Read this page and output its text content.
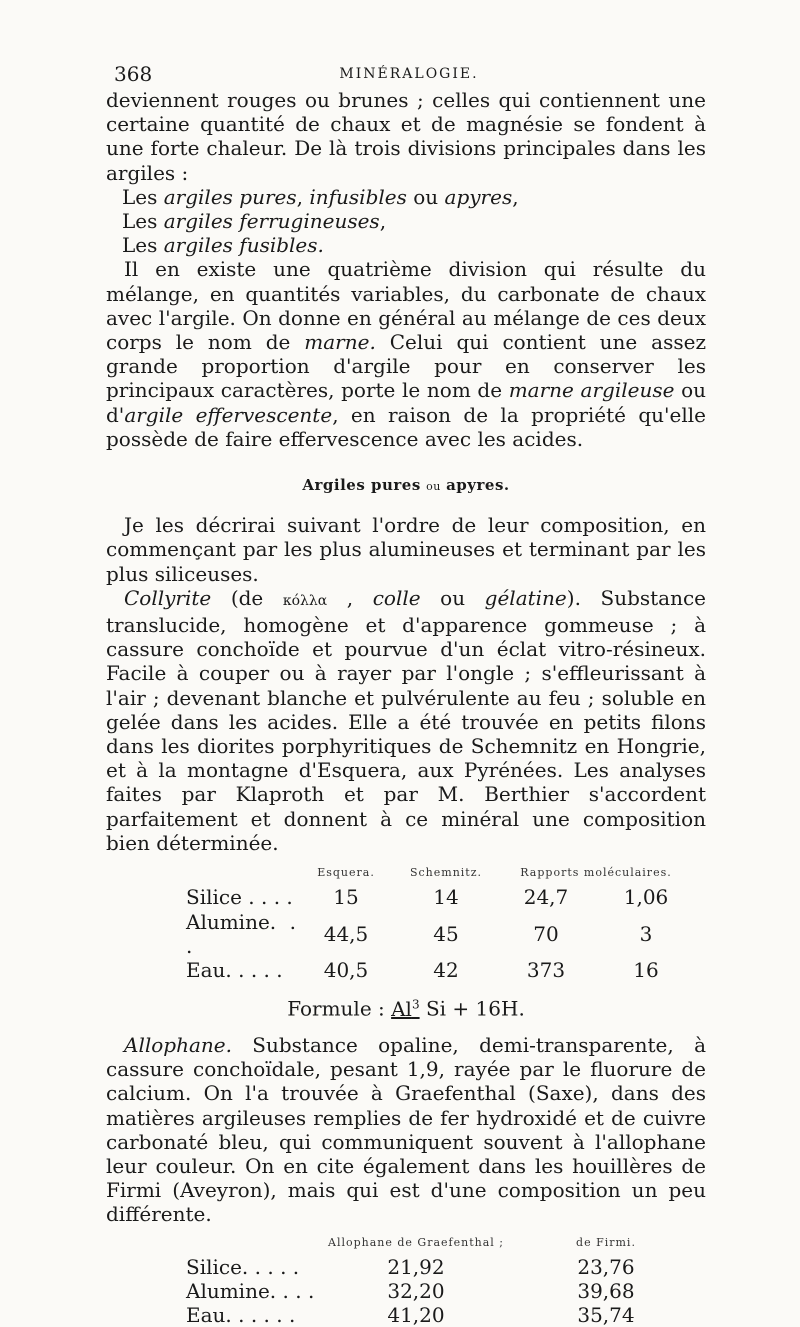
368	MINÉRALOGIE.

deviennent rouges ou brunes ; celles qui contiennent une certaine quantité de chaux et de magnésie se fondent à une forte chaleur. De là trois divisions principales dans les argiles :

Les argiles pures, infusibles ou apyres,

Les argiles ferrugineuses,

Les argiles fusibles.

Il en existe une quatrième division qui résulte du mélange, en quantités variables, du carbonate de chaux avec l'argile. On donne en général au mélange de ces deux corps le nom de marne. Celui qui contient une assez grande proportion d'argile pour en conserver les principaux caractères, porte le nom de marne argileuse ou d'argile effervescente, en raison de la propriété qu'elle possède de faire effervescence avec les acides.

Argiles pures ou apyres.

Je les décrirai suivant l'ordre de leur composition, en commençant par les plus alumineuses et terminant par les plus siliceuses.

Collyrite (de κόλλα , colle ou gélatine). Substance translucide, homogène et d'apparence gommeuse ; à cassure conchoïde et pourvue d'un éclat vitro-résineux. Facile à couper ou à rayer par l'ongle ; s'effleurissant à l'air ; devenant blanche et pulvérulente au feu ; soluble en gelée dans les acides. Elle a été trouvée en petits filons dans les diorites porphyritiques de Schemnitz en Hongrie, et à la montagne d'Esquera, aux Pyrénées. Les analyses faites par Klaproth et par M. Berthier s'accordent parfaitement et donnent à ce minéral une composition bien déterminée.

	Esquera.	Schemnitz.	Rapports moléculaires.	
Silice . . . .	15	14	24,7	1,06
Alumine. . .	44,5	45	70	3
Eau. . . . .	40,5	42	373	16
Formule : Al$^3$ Si + 16H.

Allophane. Substance opaline, demi-transparente, à cassure conchoïdale, pesant 1,9, rayée par le fluorure de calcium. On l'a trouvée à Graefenthal (Saxe), dans des matières argileuses remplies de fer hydroxidé et de cuivre carbonaté bleu, qui communiquent souvent à l'allophane leur couleur. On en cite également dans les houillères de Firmi (Aveyron), mais qui est d'une composition un peu différente.

	Allophane de Graefenthal ;	de Firmi.
Silice. . . . .	21,92	23,76
Alumine. . . .	32,20	39,68
Eau. . . . . .	41,20	35,74
